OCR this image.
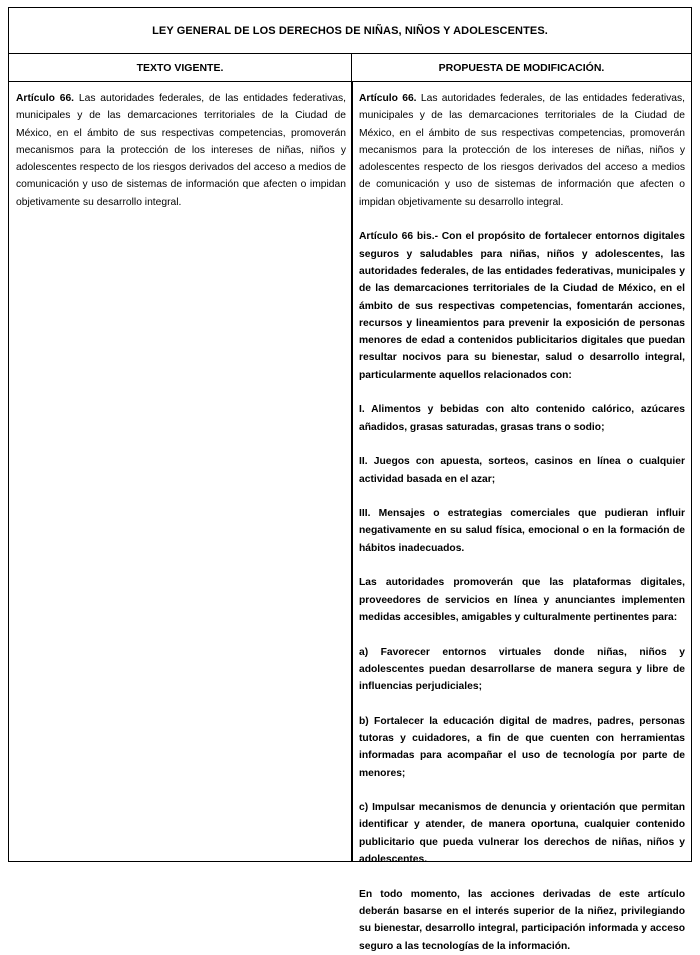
LEY GENERAL DE LOS DERECHOS DE NIÑAS, NIÑOS Y ADOLESCENTES.
TEXTO VIGENTE.	PROPUESTA DE MODIFICACIÓN.

Artículo 66. Las autoridades federales, de las entidades federativas, municipales y de las demarcaciones territoriales de la Ciudad de México, en el ámbito de sus respectivas competencias, promoverán mecanismos para la protección de los intereses de niñas, niños y adolescentes respecto de los riesgos derivados del acceso a medios de comunicación y uso de sistemas de información que afecten o impidan objetivamente su desarrollo integral.

Artículo 66. Las autoridades federales, de las entidades federativas, municipales y de las demarcaciones territoriales de la Ciudad de México, en el ámbito de sus respectivas competencias, promoverán mecanismos para la protección de los intereses de niñas, niños y adolescentes respecto de los riesgos derivados del acceso a medios de comunicación y uso de sistemas de información que afecten o impidan objetivamente su desarrollo integral.

Artículo 66 bis.- Con el propósito de fortalecer entornos digitales seguros y saludables para niñas, niños y adolescentes, las autoridades federales, de las entidades federativas, municipales y de las demarcaciones territoriales de la Ciudad de México, en el ámbito de sus respectivas competencias, fomentarán acciones, recursos y lineamientos para prevenir la exposición de personas menores de edad a contenidos publicitarios digitales que puedan resultar nocivos para su bienestar, salud o desarrollo integral, particularmente aquellos relacionados con:

I. Alimentos y bebidas con alto contenido calórico, azúcares añadidos, grasas saturadas, grasas trans o sodio;

II. Juegos con apuesta, sorteos, casinos en línea o cualquier actividad basada en el azar;

III. Mensajes o estrategias comerciales que pudieran influir negativamente en su salud física, emocional o en la formación de hábitos inadecuados.

Las autoridades promoverán que las plataformas digitales, proveedores de servicios en línea y anunciantes implementen medidas accesibles, amigables y culturalmente pertinentes para:

a) Favorecer entornos virtuales donde niñas, niños y adolescentes puedan desarrollarse de manera segura y libre de influencias perjudiciales;

b) Fortalecer la educación digital de madres, padres, personas tutoras y cuidadores, a fin de que cuenten con herramientas informadas para acompañar el uso de tecnología por parte de menores;

c) Impulsar mecanismos de denuncia y orientación que permitan identificar y atender, de manera oportuna, cualquier contenido publicitario que pueda vulnerar los derechos de niñas, niños y adolescentes.

En todo momento, las acciones derivadas de este artículo deberán basarse en el interés superior de la niñez, privilegiando su bienestar, desarrollo integral, participación informada y acceso seguro a las tecnologías de la información.
